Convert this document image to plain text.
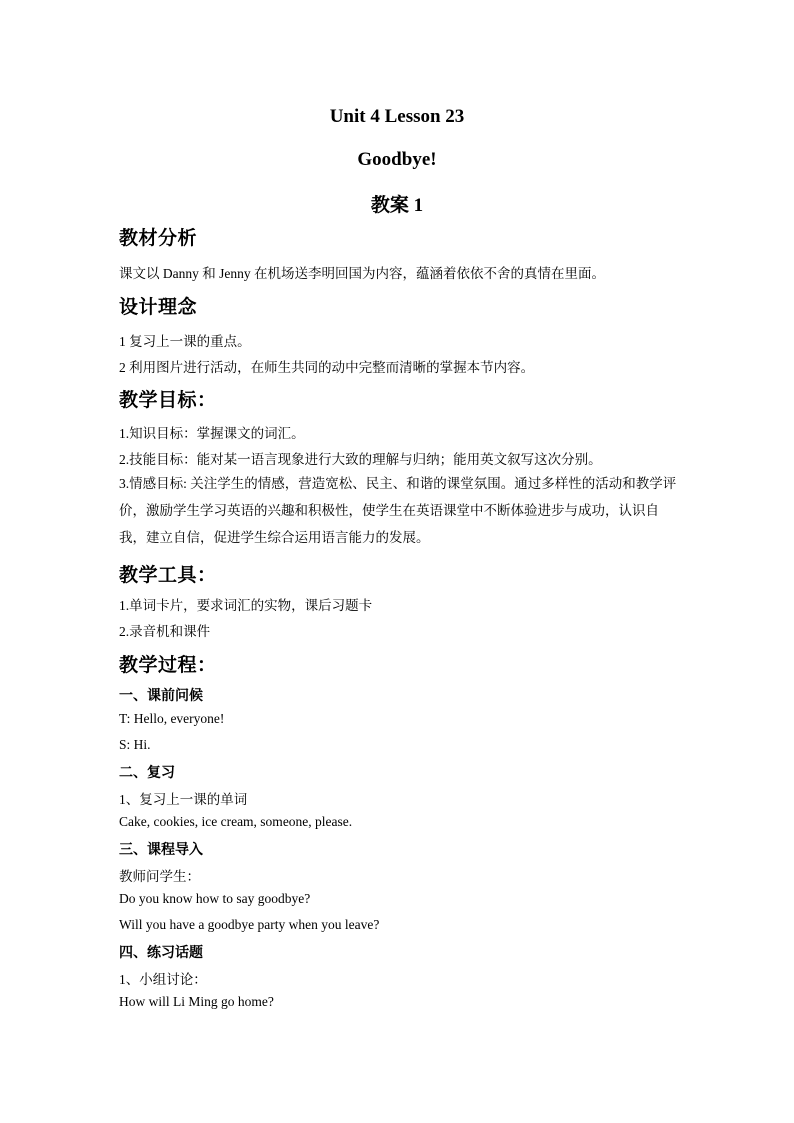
Unit 4 Lesson 23
Goodbye!
教案 1
教材分析
课文以 Danny 和 Jenny 在机场送李明回国为内容，蕴涵着依依不舍的真情在里面。
设计理念
1 复习上一课的重点。
2 利用图片进行活动，在师生共同的动中完整而清晰的掌握本节内容。
教学目标：
1.知识目标：掌握课文的词汇。
2.技能目标：能对某一语言现象进行大致的理解与归纳；能用英文叙写这次分别。
3.情感目标: 关注学生的情感，营造宽松、民主、和谐的课堂氛围。通过多样性的活动和教学评价，激励学生学习英语的兴趣和积极性，使学生在英语课堂中不断体验进步与成功，认识自我，建立自信，促进学生综合运用语言能力的发展。
教学工具：
1.单词卡片，要求词汇的实物，课后习题卡
2.录音机和课件
教学过程：
一、课前问候
T: Hello, everyone!
S: Hi.
二、复习
1、复习上一课的单词
Cake, cookies, ice cream, someone, please.
三、课程导入
教师问学生：
Do you know how to say goodbye?
Will you have a goodbye party when you leave?
四、练习话题
1、小组讨论：
How will Li Ming go home?
